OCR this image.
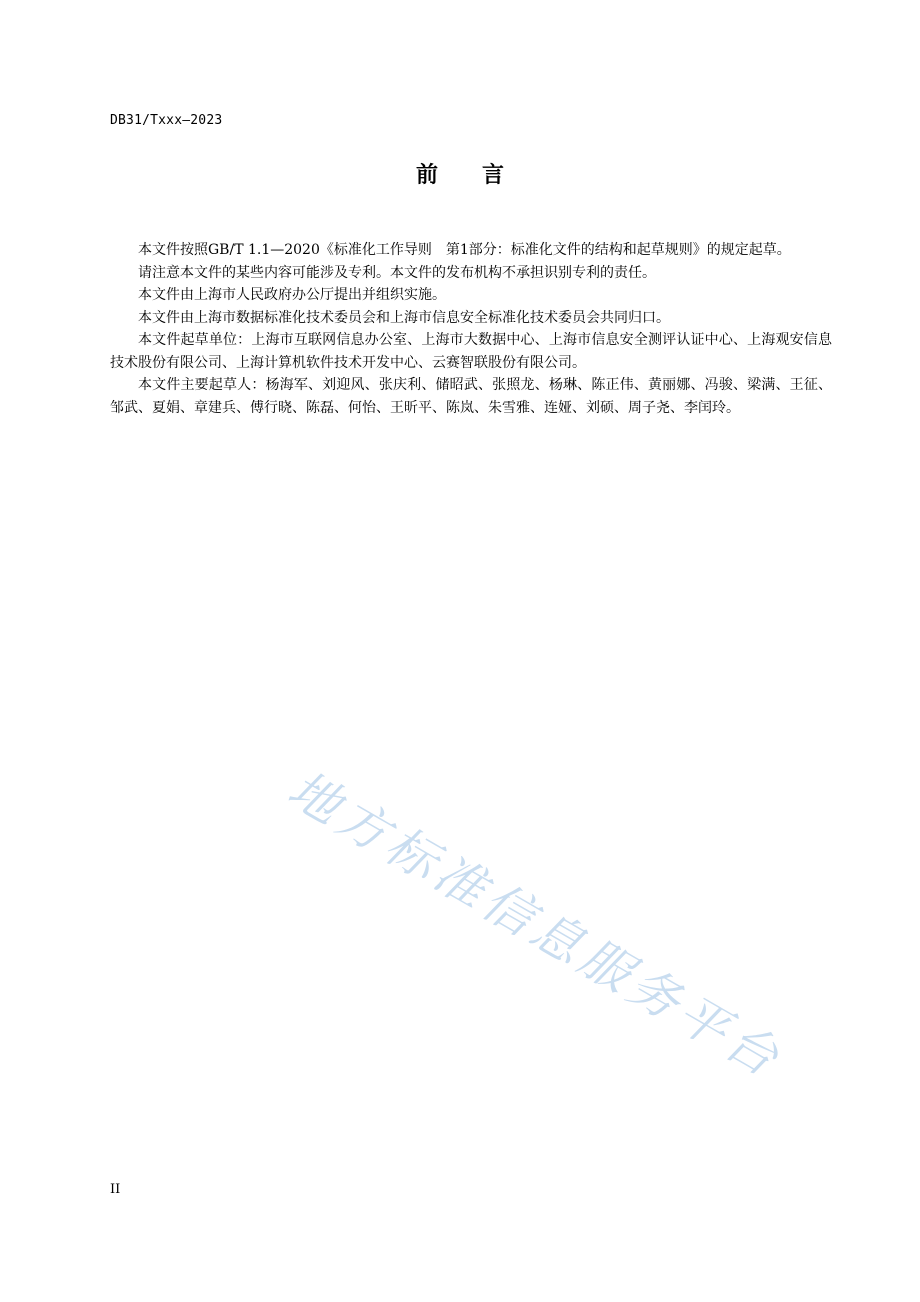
DB31/Txxx—2023
前言

本文件按照GB/T 1.1—2020《标准化工作导则　第1部分：标准化文件的结构和起草规则》的规定起草。

请注意本文件的某些内容可能涉及专利。本文件的发布机构不承担识别专利的责任。

本文件由上海市人民政府办公厅提出并组织实施。

本文件由上海市数据标准化技术委员会和上海市信息安全标准化技术委员会共同归口。

本文件起草单位：上海市互联网信息办公室、上海市大数据中心、上海市信息安全测评认证中心、上海观安信息技术股份有限公司、上海计算机软件技术开发中心、云赛智联股份有限公司。

本文件主要起草人：杨海军、刘迎风、张庆利、储昭武、张照龙、杨琳、陈正伟、黄丽娜、冯骏、梁满、王征、邹武、夏娟、章建兵、傅行晓、陈磊、何怡、王昕平、陈岚、朱雪雅、连娅、刘硕、周子尧、李闰玲。

地方标准信息服务平台
II
